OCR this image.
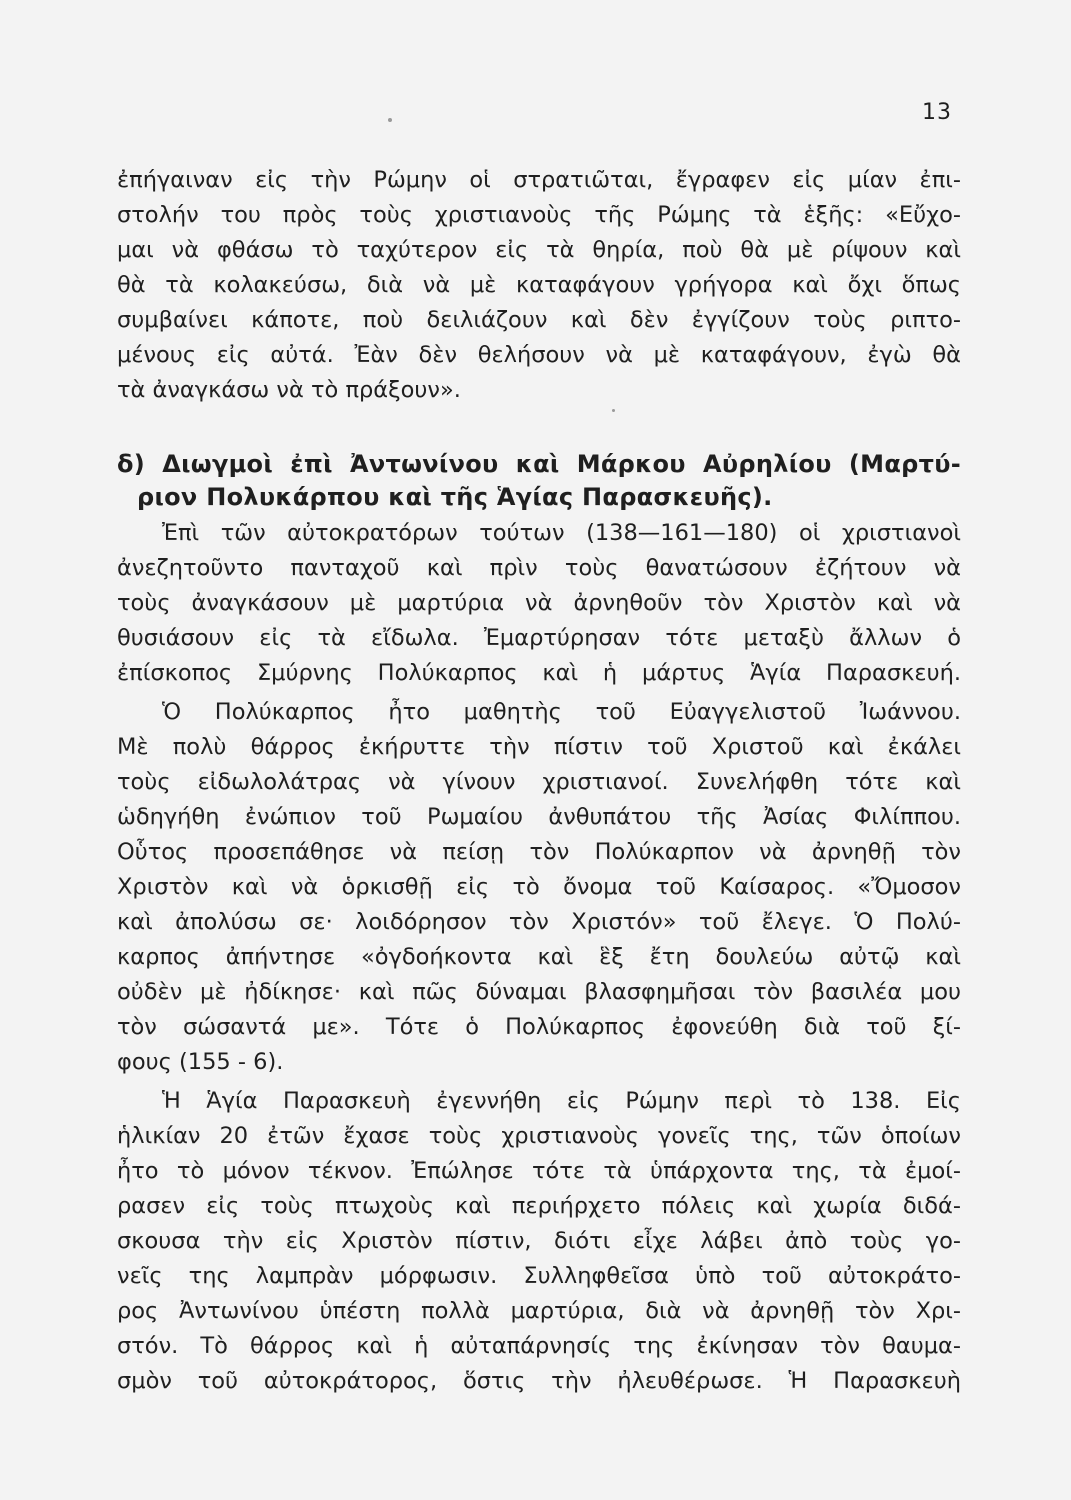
13
ἐπήγαιναν εἰς τὴν Ρώμην οἱ στρατιῶται, ἔγραφεν εἰς μίαν ἐπι-
στολήν του πρὸς τοὺς χριστιανοὺς τῆς Ρώμης τὰ ἑξῆς: «Εὔχο-
μαι νὰ φθάσω τὸ ταχύτερον εἰς τὰ θηρία, ποὺ θὰ μὲ ρίψουν καὶ
θὰ τὰ κολακεύσω, διὰ νὰ μὲ καταφάγουν γρήγορα καὶ ὄχι ὅπως
συμβαίνει κάποτε, ποὺ δειλιάζουν καὶ δὲν ἐγγίζουν τοὺς ριπτο-
μένους εἰς αὐτά. Ἐὰν δὲν θελήσουν νὰ μὲ καταφάγουν, ἐγὼ θὰ
τὰ ἀναγκάσω νὰ τὸ πράξουν».
δ) Διωγμοὶ ἐπὶ Ἀντωνίνου καὶ Μάρκου Αὐρηλίου (Μαρτύ-
ριον Πολυκάρπου καὶ τῆς Ἁγίας Παρασκευῆς).
Ἐπὶ τῶν αὐτοκρατόρων τούτων (138—161—180) οἱ χριστιανοὶ
ἀνεζητοῦντο πανταχοῦ καὶ πρὶν τοὺς θανατώσουν ἐζήτουν νὰ
τοὺς ἀναγκάσουν μὲ μαρτύρια νὰ ἀρνηθοῦν τὸν Χριστὸν καὶ νὰ
θυσιάσουν εἰς τὰ εἴδωλα. Ἐμαρτύρησαν τότε μεταξὺ ἄλλων ὁ
ἐπίσκοπος Σμύρνης Πολύκαρπος καὶ ἡ μάρτυς Ἁγία Παρασκευή.
Ὁ Πολύκαρπος ἦτο μαθητὴς τοῦ Εὐαγγελιστοῦ Ἰωάννου.
Μὲ πολὺ θάρρος ἐκήρυττε τὴν πίστιν τοῦ Χριστοῦ καὶ ἐκάλει
τοὺς εἰδωλολάτρας νὰ γίνουν χριστιανοί. Συνελήφθη τότε καὶ
ὡδηγήθη ἐνώπιον τοῦ Ρωμαίου ἀνθυπάτου τῆς Ἀσίας Φιλίππου.
Οὗτος προσεπάθησε νὰ πείσῃ τὸν Πολύκαρπον νὰ ἀρνηθῇ τὸν
Χριστὸν καὶ νὰ ὁρκισθῇ εἰς τὸ ὄνομα τοῦ Καίσαρος. «Ὄμοσον
καὶ ἀπολύσω σε· λοιδόρησον τὸν Χριστόν» τοῦ ἔλεγε. Ὁ Πολύ-
καρπος ἀπήντησε «ὀγδοήκοντα καὶ ἓξ ἔτη δουλεύω αὐτῷ καὶ
οὐδὲν μὲ ἠδίκησε· καὶ πῶς δύναμαι βλασφημῆσαι τὸν βασιλέα μου
τὸν σώσαντά με». Τότε ὁ Πολύκαρπος ἐφονεύθη διὰ τοῦ ξί-
φους (155 - 6).
Ἡ Ἁγία Παρασκευὴ ἐγεννήθη εἰς Ρώμην περὶ τὸ 138. Εἰς
ἡλικίαν 20 ἐτῶν ἔχασε τοὺς χριστιανοὺς γονεῖς της, τῶν ὁποίων
ἦτο τὸ μόνον τέκνον. Ἐπώλησε τότε τὰ ὑπάρχοντα της, τὰ ἐμοί-
ρασεν εἰς τοὺς πτωχοὺς καὶ περιήρχετο πόλεις καὶ χωρία διδά-
σκουσα τὴν εἰς Χριστὸν πίστιν, διότι εἶχε λάβει ἀπὸ τοὺς γο-
νεῖς της λαμπρὰν μόρφωσιν. Συλληφθεῖσα ὑπὸ τοῦ αὐτοκράτο-
ρος Ἀντωνίνου ὑπέστη πολλὰ μαρτύρια, διὰ νὰ ἀρνηθῇ τὸν Χρι-
στόν. Τὸ θάρρος καὶ ἡ αὐταπάρνησίς της ἐκίνησαν τὸν θαυμα-
σμὸν τοῦ αὐτοκράτορος, ὅστις τὴν ἠλευθέρωσε. Ἡ Παρασκευὴ
